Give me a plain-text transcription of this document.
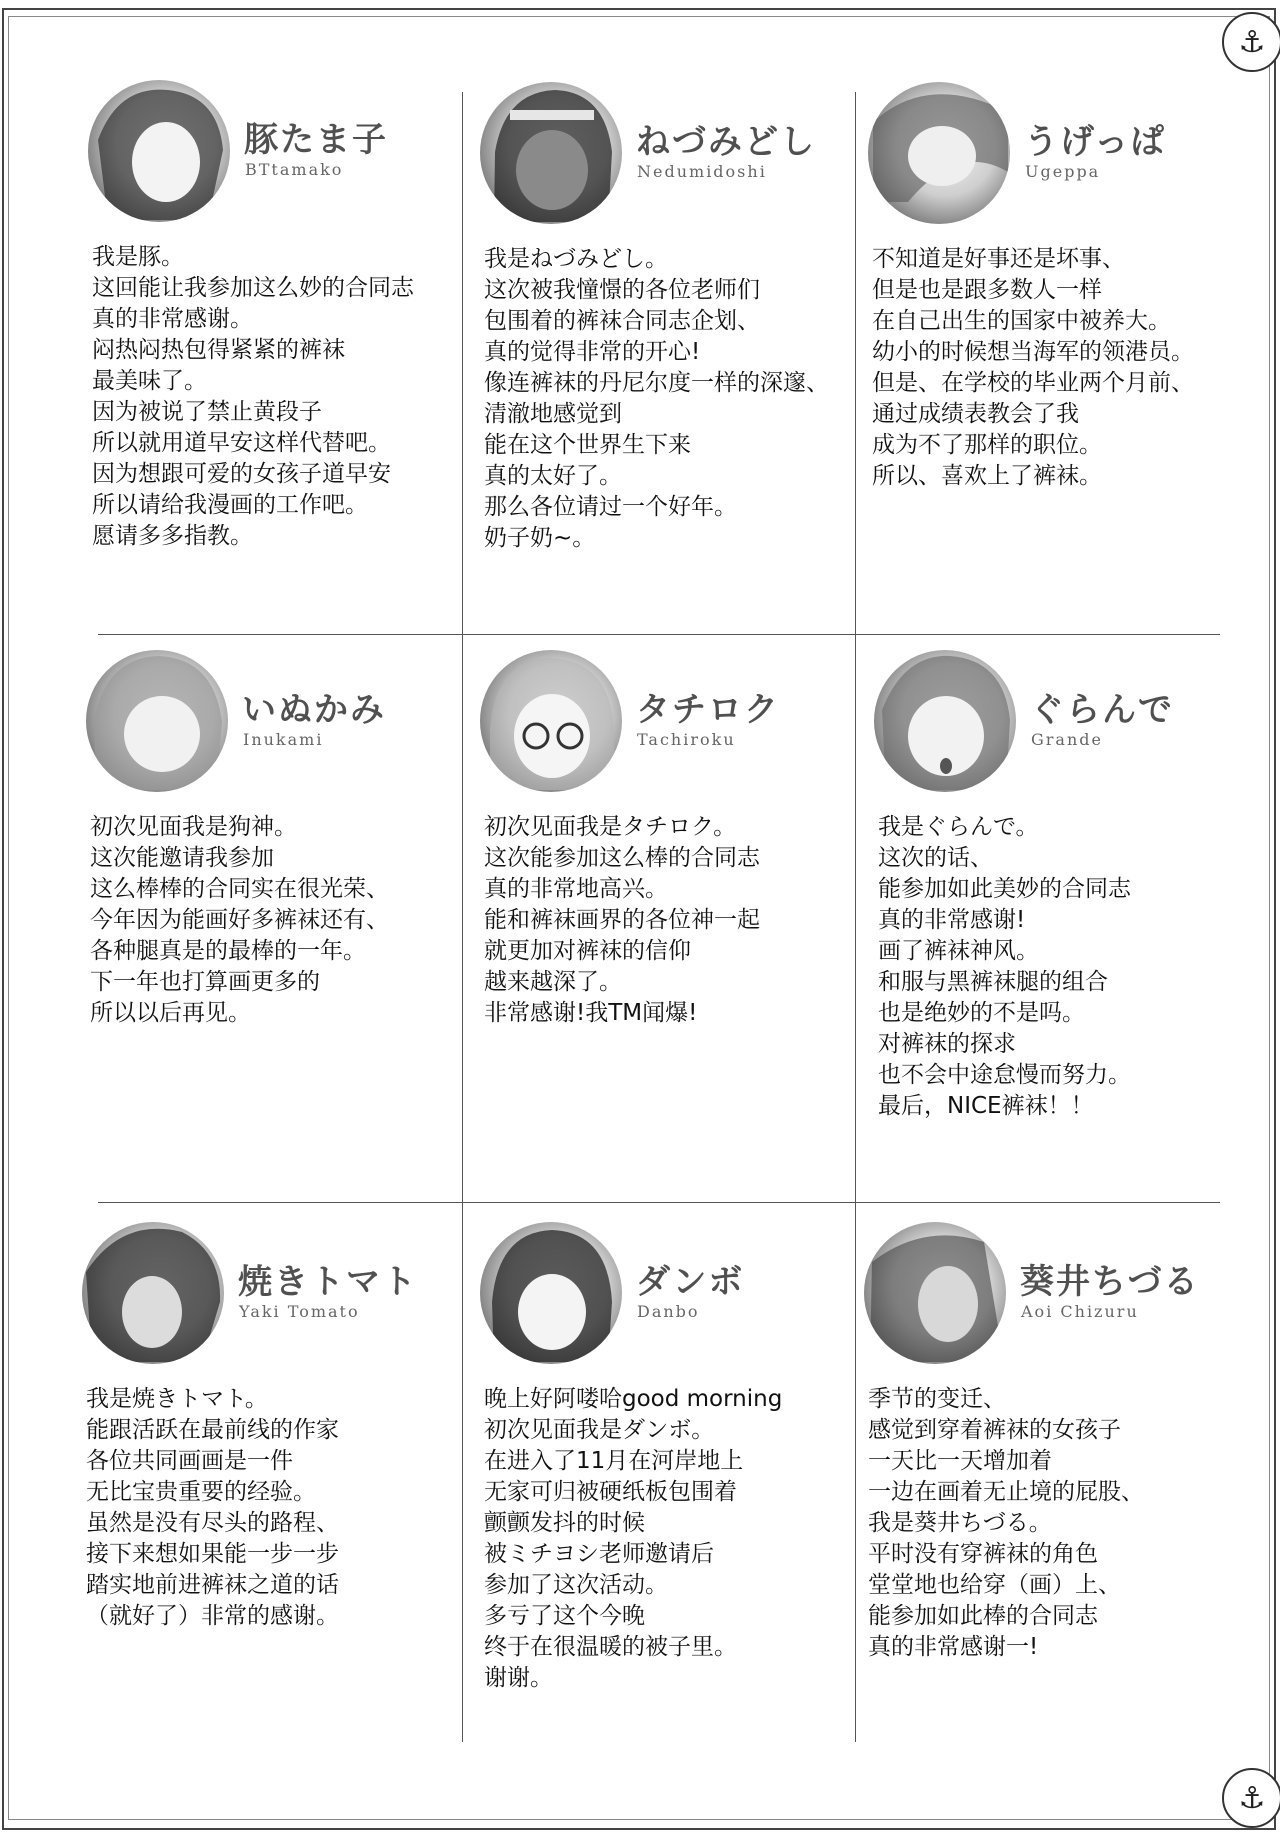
⚓
⚓
豚たま子
BTtamako
我是豚。
这回能让我参加这么妙的合同志
真的非常感谢。
闷热闷热包得紧紧的裤袜
最美味了。
因为被说了禁止黄段子
所以就用道早安这样代替吧。
因为想跟可爱的女孩子道早安
所以请给我漫画的工作吧。
愿请多多指教。
ねづみどし
Nedumidoshi
我是ねづみどし。
这次被我憧憬的各位老师们
包围着的裤袜合同志企划、
真的觉得非常的开心!
像连裤袜的丹尼尔度一样的深邃、
清澈地感觉到
能在这个世界生下来
真的太好了。
那么各位请过一个好年。
奶子奶~。
うげっぱ
Ugeppa
不知道是好事还是坏事、
但是也是跟多数人一样
在自己出生的国家中被养大。
幼小的时候想当海军的领港员。
但是、在学校的毕业两个月前、
通过成绩表教会了我
成为不了那样的职位。
所以、喜欢上了裤袜。
いぬかみ
Inukami
初次见面我是狗神。
这次能邀请我参加
这么棒棒的合同实在很光荣、
今年因为能画好多裤袜还有、
各种腿真是的最棒的一年。
下一年也打算画更多的
所以以后再见。
タチロク
Tachiroku
初次见面我是タチロク。
这次能参加这么棒的合同志
真的非常地高兴。
能和裤袜画界的各位神一起
就更加对裤袜的信仰
越来越深了。
非常感谢!我TM闻爆!
ぐらんで
Grande
我是ぐらんで。
这次的话、
能参加如此美妙的合同志
真的非常感谢!
画了裤袜神风。
和服与黑裤袜腿的组合
也是绝妙的不是吗。
对裤袜的探求
也不会中途怠慢而努力。
最后，NICE裤袜！！
焼きトマト
Yaki Tomato
我是焼きトマト。
能跟活跃在最前线的作家
各位共同画画是一件
无比宝贵重要的经验。
虽然是没有尽头的路程、
接下来想如果能一步一步
踏实地前进裤袜之道的话
（就好了）非常的感谢。
ダンボ
Danbo
晚上好阿喽哈good morning
初次见面我是ダンボ。
在进入了11月在河岸地上
无家可归被硬纸板包围着
颤颤发抖的时候
被ミチヨシ老师邀请后
参加了这次活动。
多亏了这个今晚
终于在很温暖的被子里。
谢谢。
葵井ちづる
Aoi Chizuru
季节的变迁、
感觉到穿着裤袜的女孩子
一天比一天增加着
一边在画着无止境的屁股、
我是葵井ちづる。
平时没有穿裤袜的角色
堂堂地也给穿（画）上、
能参加如此棒的合同志
真的非常感谢一!
